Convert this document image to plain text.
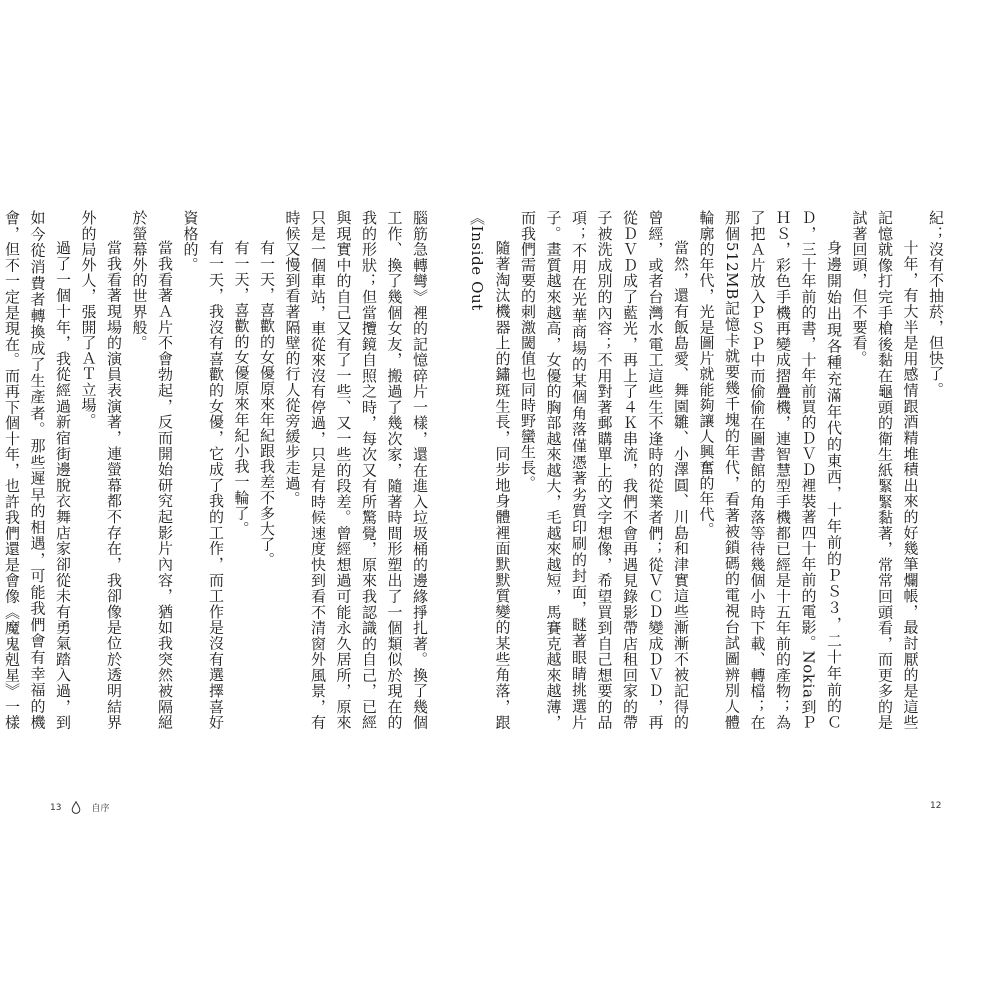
紀；沒有不抽菸，但快了。

十年，有大半是用感情跟酒精堆積出來的好幾筆爛帳，最討厭的是這些記憶就像打完手槍後黏在龜頭的衛生紙緊緊黏著，常常回頭看，而更多的是試著回頭，但不要看。

身邊開始出現各種充滿年代的東西，十年前的ＰＳ３，二十年前的ＣＤ，三十年前的書，十年前買的ＤＶＤ裡裝著四十年前的電影。Nokia到ＰＨＳ，彩色手機再變成摺疊機，連智慧型手機都已經是十五年前的產物；為了把Ａ片放入ＰＳＰ中而偷偷在圖書館的角落等待幾個小時下載、轉檔；在那個512MB記憶卡就要幾千塊的年代，看著被鎖碼的電視台試圖辨別人體輪廓的年代，光是圖片就能夠讓人興奮的年代。

當然，還有飯島愛、舞園雛、小澤圓、川島和津實這些漸漸不被記得的曾經，或者台灣水電工這些生不逢時的從業者們；從ＶＣＤ變成ＤＶＤ，再從ＤＶＤ成了藍光，再上了４Ｋ串流，我們不會再遇見錄影帶店租回家的帶子被洗成別的內容；不用對著郵購單上的文字想像，希望買到自己想要的品項；不用在光華商場的某個角落僅憑著劣質印刷的封面，瞇著眼睛挑選片子。畫質越來越高，女優的胸部越來越大，毛越來越短，馬賽克越來越薄，而我們需要的刺激閾值也同時野蠻生長。

隨著淘汰機器上的鏽斑生長，同步地身體裡面默默質變的某些角落，跟《Inside Out

腦筋急轉彎》裡的記憶碎片一樣，還在進入垃圾桶的邊緣掙扎著。換了幾個工作、換了幾個女友，搬過了幾次家，隨著時間形塑出了一個類似於現在的我的形狀；但當攬鏡自照之時，每次又有所驚覺，原來我認識的自己，已經與現實中的自己又有了一些、又一些的段差。曾經想過可能永久居所，原來只是一個車站，車從來沒有停過，只是有時候速度快到看不清窗外風景，有時候又慢到看著隔壁的行人從旁緩步走過。

有一天，喜歡的女優原來年紀跟我差不多大了。

有一天，喜歡的女優原來年紀小我一輪了。

有一天，我沒有喜歡的女優，它成了我的工作，而工作是沒有選擇喜好資格的。

當我看著Ａ片不會勃起，反而開始研究起影片內容，猶如我突然被隔絕於螢幕外的世界般。

當我看著現場的演員表演著，連螢幕都不存在，我卻像是位於透明結界外的局外人，張開了ＡＴ立場。

過了一個十年，我從經過新宿街邊脫衣舞店家卻從未有勇氣踏入過，到如今從消費者轉換成了生產者。那些遲早的相遇，可能我們會有幸福的機會，但不一定是現在。而再下個十年，也許我們還是會像《魔鬼剋星》一樣

13	自序	12
